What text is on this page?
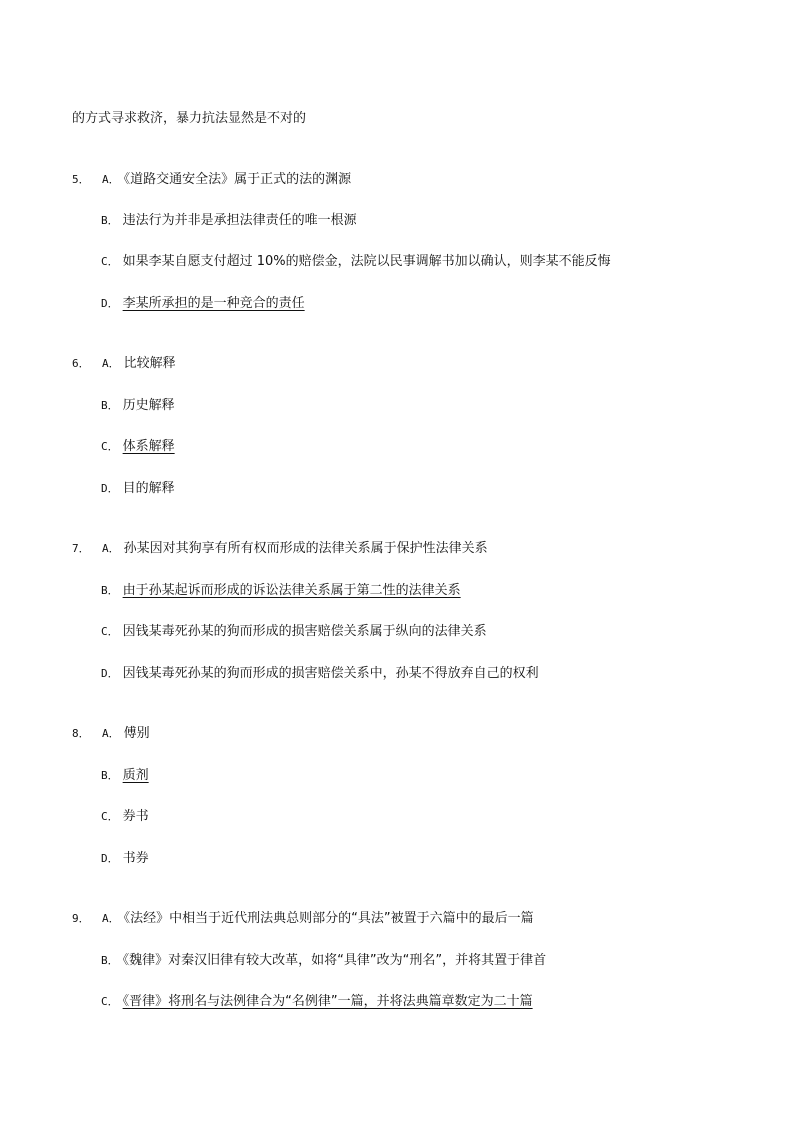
的方式寻求救济，暴力抗法显然是不对的
5． A． 《道路交通安全法》属于正式的法的渊源
B． 违法行为并非是承担法律责任的唯一根源
C． 如果李某自愿支付超过 10%的赔偿金，法院以民事调解书加以确认，则李某不能反悔
D． 李某所承担的是一种竞合的责任
6． A． 比较解释
B． 历史解释
C． 体系解释
D． 目的解释
7． A． 孙某因对其狗享有所有权而形成的法律关系属于保护性法律关系
B． 由于孙某起诉而形成的诉讼法律关系属于第二性的法律关系
C． 因钱某毒死孙某的狗而形成的损害赔偿关系属于纵向的法律关系
D． 因钱某毒死孙某的狗而形成的损害赔偿关系中，孙某不得放弃自己的权利
8． A． 傅别
B． 质剂
C． 券书
D． 书券
9． A． 《法经》中相当于近代刑法典总则部分的“具法”被置于六篇中的最后一篇
B． 《魏律》对秦汉旧律有较大改革，如将“具律”改为“刑名”，并将其置于律首
C． 《晋律》将刑名与法例律合为“名例律”一篇，并将法典篇章数定为二十篇
